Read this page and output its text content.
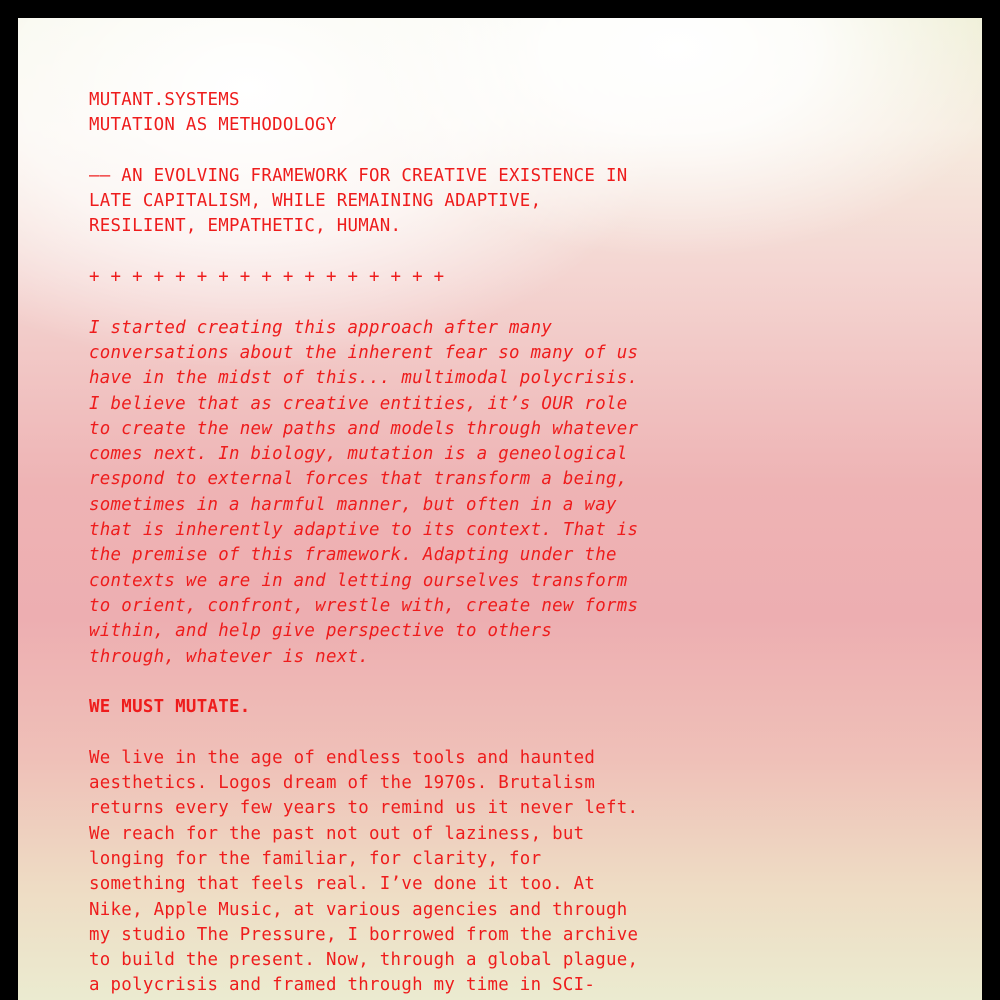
MUTANT.SYSTEMS
MUTATION AS METHODOLOGY
—— AN EVOLVING FRAMEWORK FOR CREATIVE EXISTENCE IN
LATE CAPITALISM, WHILE REMAINING ADAPTIVE,
RESILIENT, EMPATHETIC, HUMAN.
+ + + + + + + + + + + + + + + + +
I started creating this approach after many
conversations about the inherent fear so many of us
have in the midst of this... multimodal polycrisis.
I believe that as creative entities, it’s OUR role
to create the new paths and models through whatever
comes next. In biology, mutation is a geneological
respond to external forces that transform a being,
sometimes in a harmful manner, but often in a way
that is inherently adaptive to its context. That is
the premise of this framework. Adapting under the
contexts we are in and letting ourselves transform
to orient, confront, wrestle with, create new forms
within, and help give perspective to others
through, whatever is next.
WE MUST MUTATE.
We live in the age of endless tools and haunted
aesthetics. Logos dream of the 1970s. Brutalism
returns every few years to remind us it never left.
We reach for the past not out of laziness, but
longing for the familiar, for clarity, for
something that feels real. I’ve done it too. At
Nike, Apple Music, at various agencies and through
my studio The Pressure, I borrowed from the archive
to build the present. Now, through a global plague,
a polycrisis and framed through my time in SCI-
